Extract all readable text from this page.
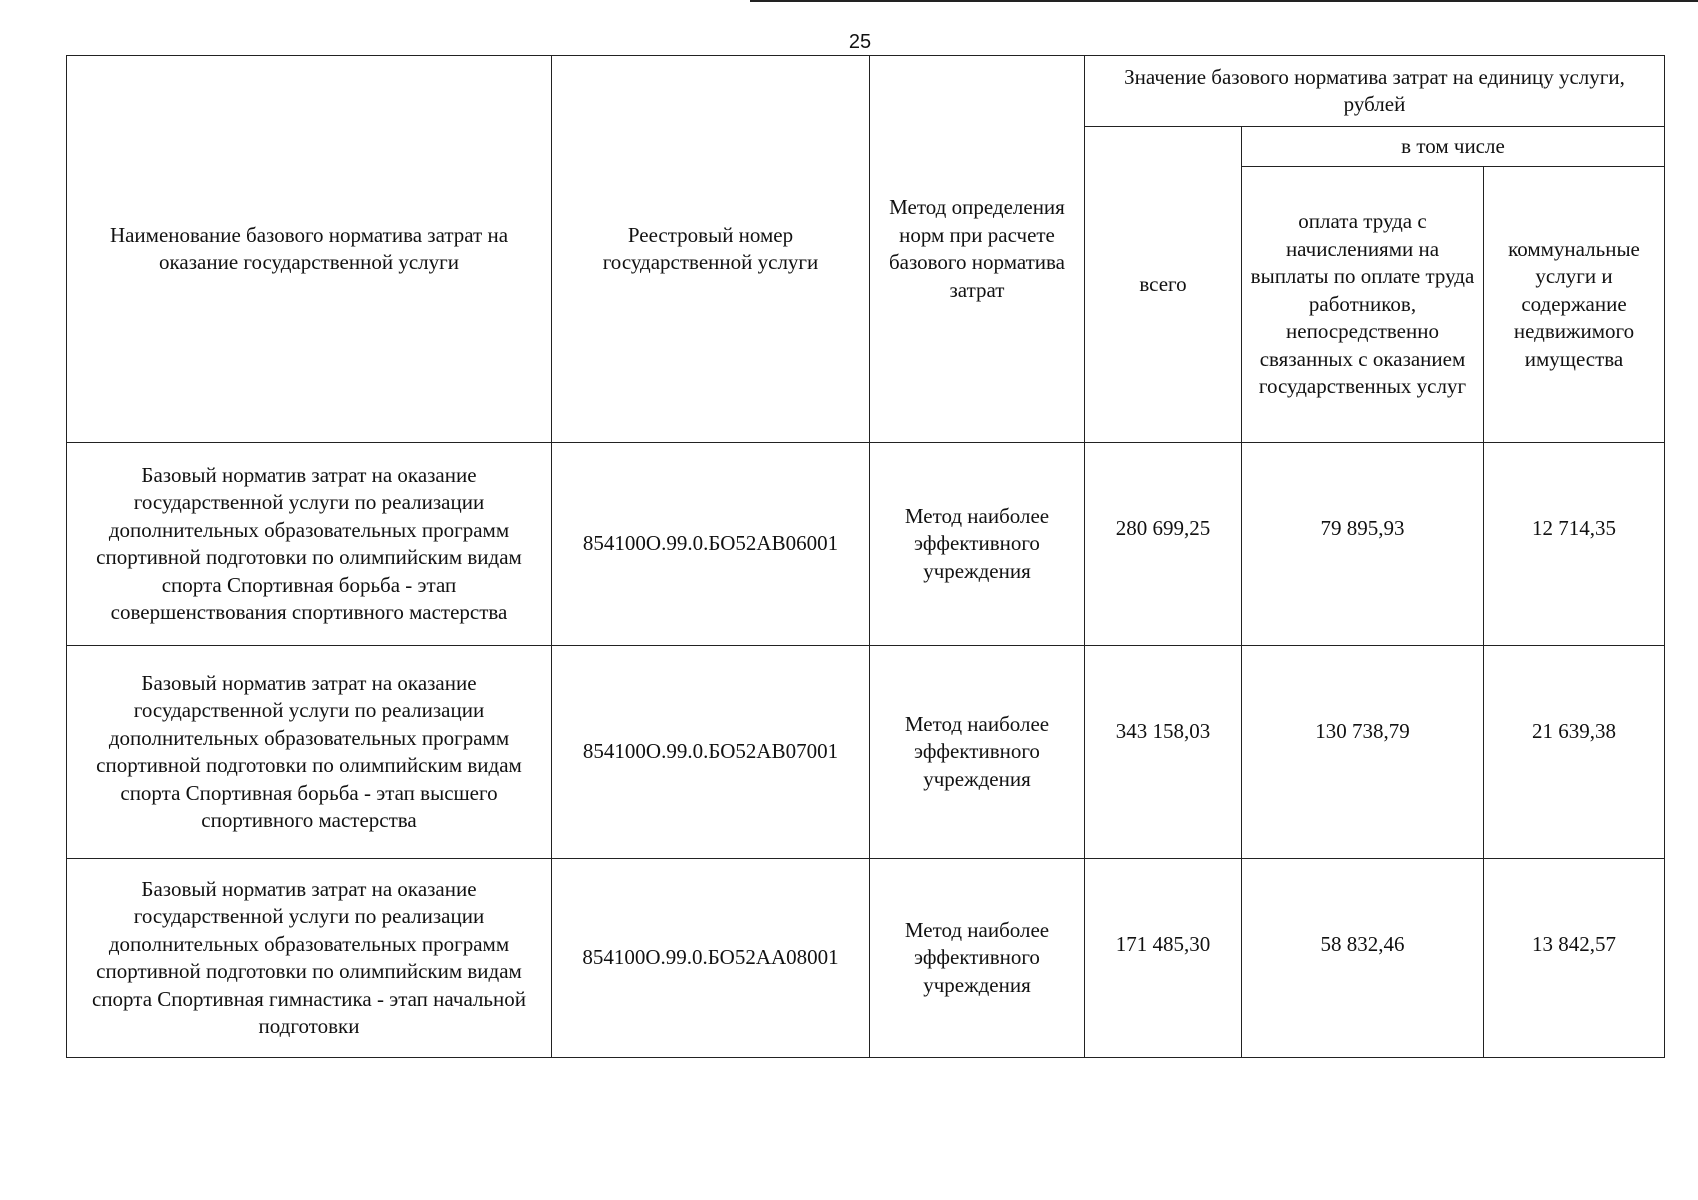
25
Наименование базового норматива затрат на оказание государственной услуги	Реестровый номер государственной услуги	Метод определения норм при расчете базового норматива затрат	Значение базового норматива затрат на единицу услуги, рублей		
			всего	в том числе	
				оплата труда с начислениями на выплаты по оплате труда работников, непосредственно связанных с оказанием государственных услуг	коммунальные услуги и содержание недвижимого имущества
Базовый норматив затрат на оказание государственной услуги по реализации дополнительных образовательных программ спортивной подготовки по олимпийским видам спорта Спортивная борьба - этап совершенствования спортивного мастерства	854100О.99.0.БО52АВ06001	Метод наиболее эффективного учреждения	280 699,25	79 895,93	12 714,35
Базовый норматив затрат на оказание государственной услуги по реализации дополнительных образовательных программ спортивной подготовки по олимпийским видам спорта Спортивная борьба - этап высшего спортивного мастерства	854100О.99.0.БО52АВ07001	Метод наиболее эффективного учреждения	343 158,03	130 738,79	21 639,38
Базовый норматив затрат на оказание государственной услуги по реализации дополнительных образовательных программ спортивной подготовки по олимпийским видам спорта Спортивная гимнастика - этап начальной подготовки	854100О.99.0.БО52АА08001	Метод наиболее эффективного учреждения	171 485,30	58 832,46	13 842,57
